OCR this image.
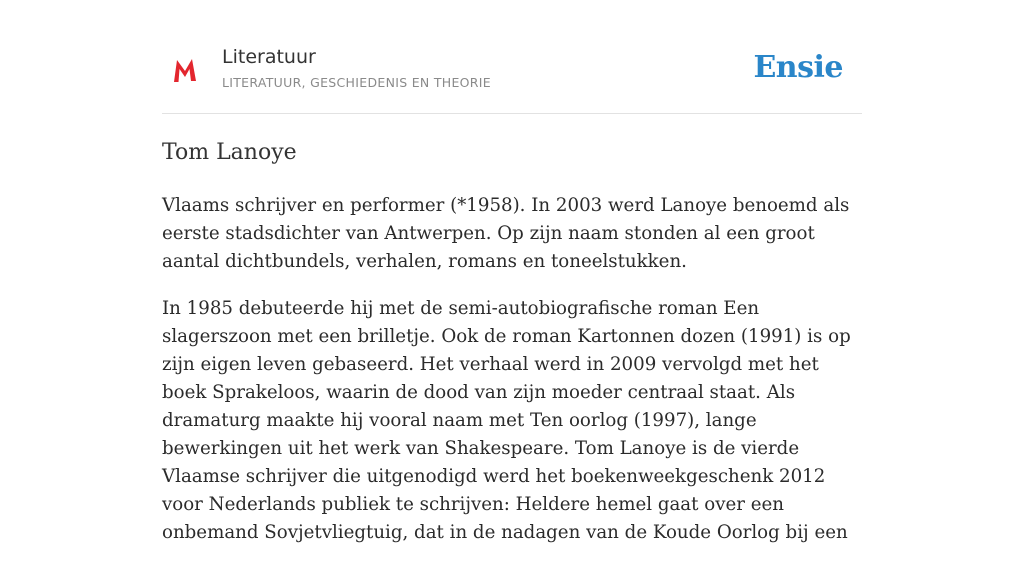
Literatuur
LITERATUUR, GESCHIEDENIS EN THEORIE	Ensie
Tom Lanoye

Vlaams schrijver en performer (*1958). In 2003 werd Lanoye benoemd als eerste stadsdichter van Antwerpen. Op zijn naam stonden al een groot aantal dichtbundels, verhalen, romans en toneelstukken.

In 1985 debuteerde hij met de semi-autobiografische roman Een slagerszoon met een brilletje. Ook de roman Kartonnen dozen (1991) is op zijn eigen leven gebaseerd. Het verhaal werd in 2009 vervolgd met het boek Sprakeloos, waarin de dood van zijn moeder centraal staat. Als dramaturg maakte hij vooral naam met Ten oorlog (1997), lange bewerkingen uit het werk van Shakespeare. Tom Lanoye is de vierde Vlaamse schrijver die uitgenodigd werd het boekenweekgeschenk 2012 voor Nederlands publiek te schrijven: Heldere hemel gaat over een onbemand Sovjetvliegtuig, dat in de nadagen van de Koude Oorlog bij een
